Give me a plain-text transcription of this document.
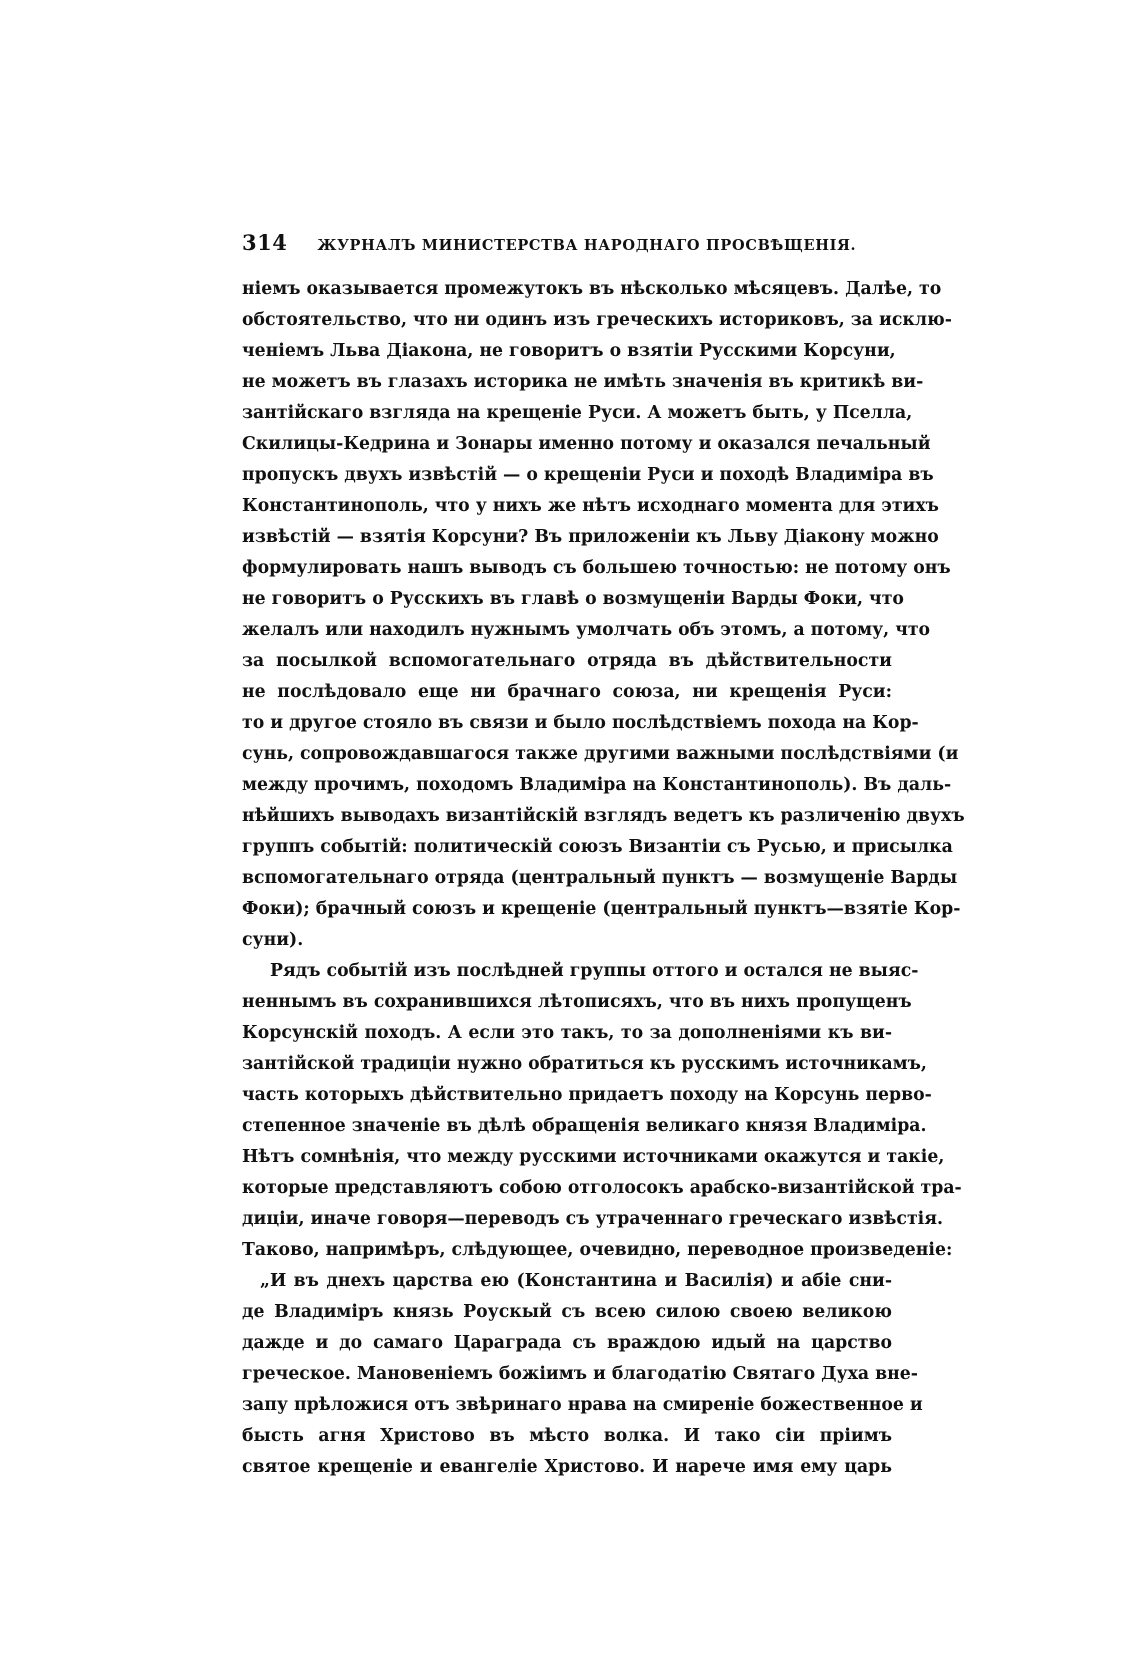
314 ЖУРНАЛЪ МИНИСТЕРСТВА НАРОДНАГО ПРОСВѢЩЕНІЯ.
ніемъ оказывается промежутокъ въ нѣсколько мѣсяцевъ. Далѣе, то
обстоятельство, что ни одинъ изъ греческихъ историковъ, за исклю-
ченіемъ Льва Діакона, не говоритъ о взятіи Русскими Корсуни,
не можетъ въ глазахъ историка не имѣть значенія въ критикѣ ви-
зантійскаго взгляда на крещеніе Руси. А можетъ быть, у Пселла,
Скилицы-Кедрина и Зонары именно потому и оказался печальный
пропускъ двухъ извѣстій — о крещеніи Руси и походѣ Владиміра въ
Константинополь, что у нихъ же нѣтъ исходнаго момента для этихъ
извѣстій — взятія Корсуни? Въ приложеніи къ Льву Діакону можно
формулировать нашъ выводъ съ большею точностью: не потому онъ
не говоритъ о Русскихъ въ главѣ о возмущеніи Варды Фоки, что
желалъ или находилъ нужнымъ умолчать объ этомъ, а потому, что
за посылкой вспомогательнаго отряда въ дѣйствительности
не послѣдовало еще ни брачнаго союза, ни крещенія Руси:
то и другое стояло въ связи и было послѣдствіемъ похода на Кор-
сунь, сопровождавшагося также другими важными послѣдствіями (и
между прочимъ, походомъ Владиміра на Константинополь). Въ даль-
нѣйшихъ выводахъ византійскій взглядъ ведетъ къ различенію двухъ
группъ событій: политическій союзъ Византіи съ Русью, и присылка
вспомогательнаго отряда (центральный пунктъ — возмущеніе Варды
Фоки); брачный союзъ и крещеніе (центральный пунктъ—взятіе Кор-
суни).
Рядъ событій изъ послѣдней группы оттого и остался не выяс-
неннымъ въ сохранившихся лѣтописяхъ, что въ нихъ пропущенъ
Корсунскій походъ. А если это такъ, то за дополненіями къ ви-
зантійской традиціи нужно обратиться къ русскимъ источникамъ,
часть которыхъ дѣйствительно придаетъ походу на Корсунь перво-
степенное значеніе въ дѣлѣ обращенія великаго князя Владиміра.
Нѣтъ сомнѣнія, что между русскими источниками окажутся и такіе,
которые представляютъ собою отголосокъ арабско-византійской тра-
диціи, иначе говоря—переводъ съ утраченнаго греческаго извѣстія.
Таково, напримѣръ, слѣдующее, очевидно, переводное произведеніе:
„И въ днехъ царства ею (Константина и Василія) и абіе сни-
де Владиміръ князь Роускый съ всею силою своею великою
дажде и до самаго Цараграда съ враждою идый на царство
греческое. Мановеніемъ божіимъ и благодатію Святаго Духа вне-
запу прѣложися отъ звѣринаго нрава на смиреніе божественное и
бысть агня Христово въ мѣсто волка. И тако сіи пріимъ
святое крещеніе и евангеліе Христово. И нарече имя ему царь
